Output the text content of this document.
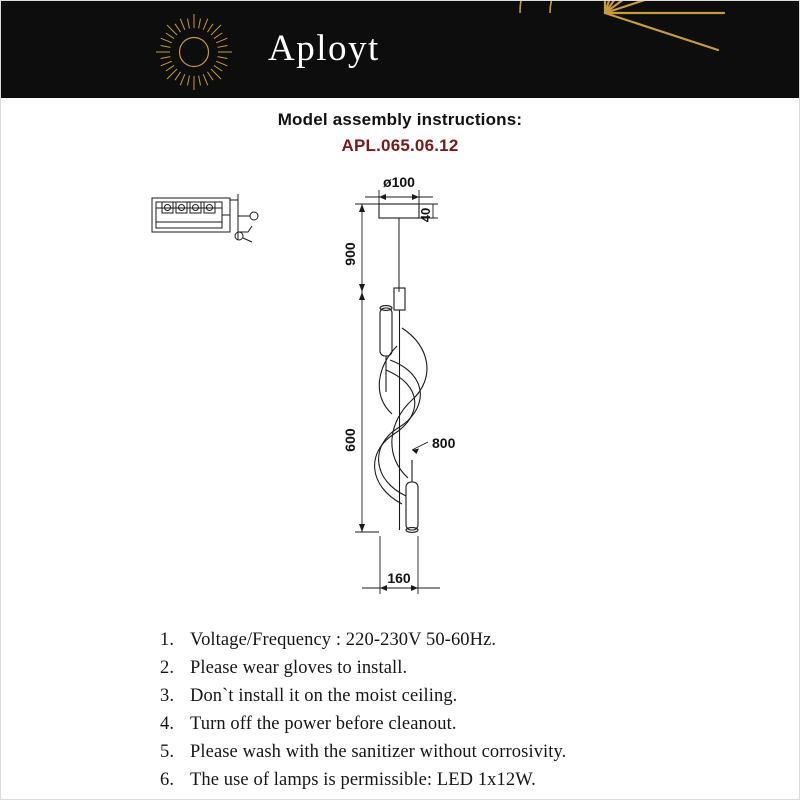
Aployt
Model assembly instructions:
APL.065.06.12
ø100
40
900
600	800
160
1. Voltage/Frequency : 220-230V 50-60Hz.
2. Please wear gloves to install.
3. Don`t install it on the moist ceiling.
4. Turn off the power before cleanout.
5. Please wash with the sanitizer without corrosivity.
6. The use of lamps is permissible: LED 1x12W.
